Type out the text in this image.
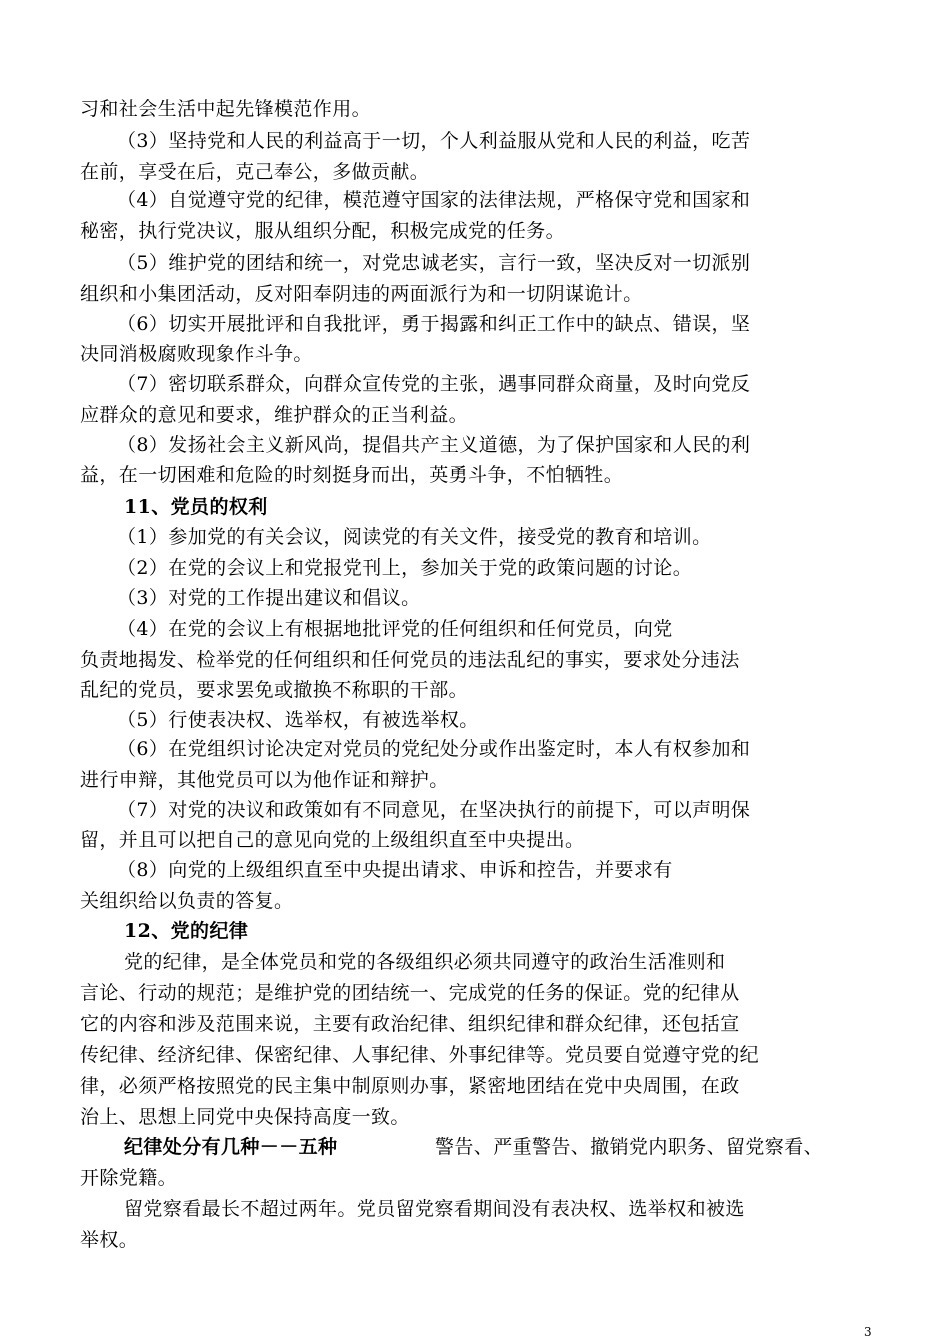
习和社会生活中起先锋模范作用。
（3）坚持党和人民的利益高于一切，个人利益服从党和人民的利益，吃苦
在前，享受在后，克己奉公，多做贡献。
（4）自觉遵守党的纪律，模范遵守国家的法律法规，严格保守党和国家和
秘密，执行党决议，服从组织分配，积极完成党的任务。
（5）维护党的团结和统一，对党忠诚老实，言行一致，坚决反对一切派别
组织和小集团活动，反对阳奉阴违的两面派行为和一切阴谋诡计。
（6）切实开展批评和自我批评，勇于揭露和纠正工作中的缺点、错误，坚
决同消极腐败现象作斗争。
（7）密切联系群众，向群众宣传党的主张，遇事同群众商量，及时向党反
应群众的意见和要求，维护群众的正当利益。
（8）发扬社会主义新风尚，提倡共产主义道德，为了保护国家和人民的利
益，在一切困难和危险的时刻挺身而出，英勇斗争，不怕牺牲。
11、党员的权利
（1）参加党的有关会议，阅读党的有关文件，接受党的教育和培训。
（2）在党的会议上和党报党刊上，参加关于党的政策问题的讨论。
（3）对党的工作提出建议和倡议。
（4）在党的会议上有根据地批评党的任何组织和任何党员，向党
负责地揭发、检举党的任何组织和任何党员的违法乱纪的事实，要求处分违法
乱纪的党员，要求罢免或撤换不称职的干部。
（5）行使表决权、选举权，有被选举权。
（6）在党组织讨论决定对党员的党纪处分或作出鉴定时，本人有权参加和
进行申辩，其他党员可以为他作证和辩护。
（7）对党的决议和政策如有不同意见，在坚决执行的前提下，可以声明保
留，并且可以把自己的意见向党的上级组织直至中央提出。
（8）向党的上级组织直至中央提出请求、申诉和控告，并要求有
关组织给以负责的答复。
12、党的纪律
党的纪律，是全体党员和党的各级组织必须共同遵守的政治生活准则和
言论、行动的规范；是维护党的团结统一、完成党的任务的保证。党的纪律从
它的内容和涉及范围来说，主要有政治纪律、组织纪律和群众纪律，还包括宣
传纪律、经济纪律、保密纪律、人事纪律、外事纪律等。党员要自觉遵守党的纪
律，必须严格按照党的民主集中制原则办事，紧密地团结在党中央周围，在政
治上、思想上同党中央保持高度一致。
纪律处分有几种－－五种	警告、严重警告、撤销党内职务、留党察看、
开除党籍。
留党察看最长不超过两年。党员留党察看期间没有表决权、选举权和被选
举权。
3
